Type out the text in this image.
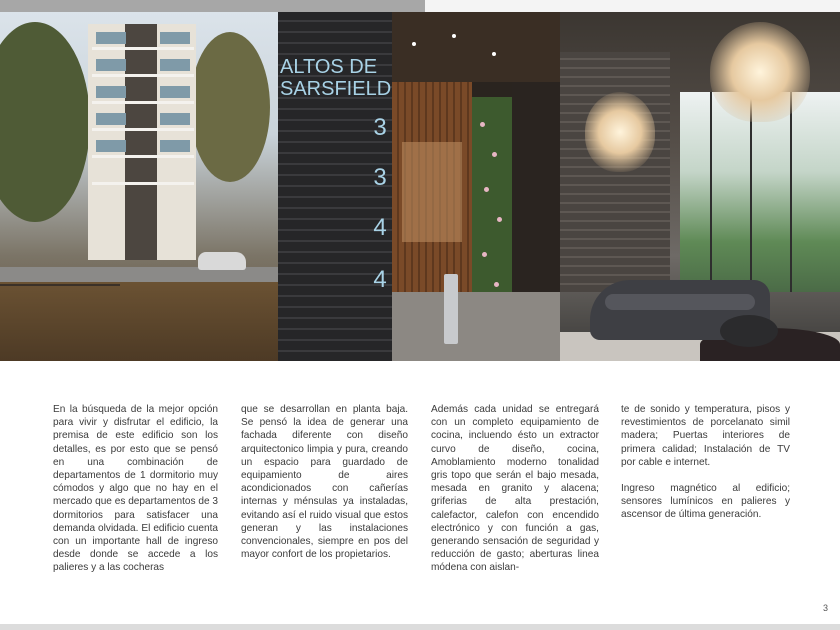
ALTOS DE SARSFIELD
3
3
4
4

En la búsqueda de la mejor opción para vivir y disfrutar el edificio, la premisa de este edificio son los detalles, es por esto que se pensó en una combinación de departamentos de 1 dormitorio muy cómodos y algo que no hay en el mercado que es departamentos de 3 dormitorios para satisfacer una demanda olvidada. El edificio cuenta con un importante hall de ingreso desde donde se accede a los palieres y a las cocheras

que se desarrollan en planta baja. Se pensó la idea de generar una fachada diferente con diseño arquitectonico limpia y pura, creando un espacio para guardado de equipamiento de aires acondicionados con cañerías internas y ménsulas ya instaladas, evitando así el ruido visual que estos generan y las instalaciones convencionales, siempre en pos del mayor confort de los propietarios.

Además cada unidad se entregará con un completo equipamiento de cocina, incluendo ésto un extractor curvo de diseño, cocina, Amoblamiento moderno tonalidad gris topo que serán el bajo mesada, mesada en granito y alacena; griferias de alta prestación, calefactor, calefon con encendido electrónico y con función a gas, generando sensación de seguridad y reducción de gasto; aberturas linea módena con aislan-

te de sonido y temperatura, pisos y revestimientos de porcelanato simil madera; Puertas interiores de primera calidad; Instalación de TV por cable e internet.
Ingreso magnético al edificio; sensores lumínicos en palieres y ascensor de última generación.
3
